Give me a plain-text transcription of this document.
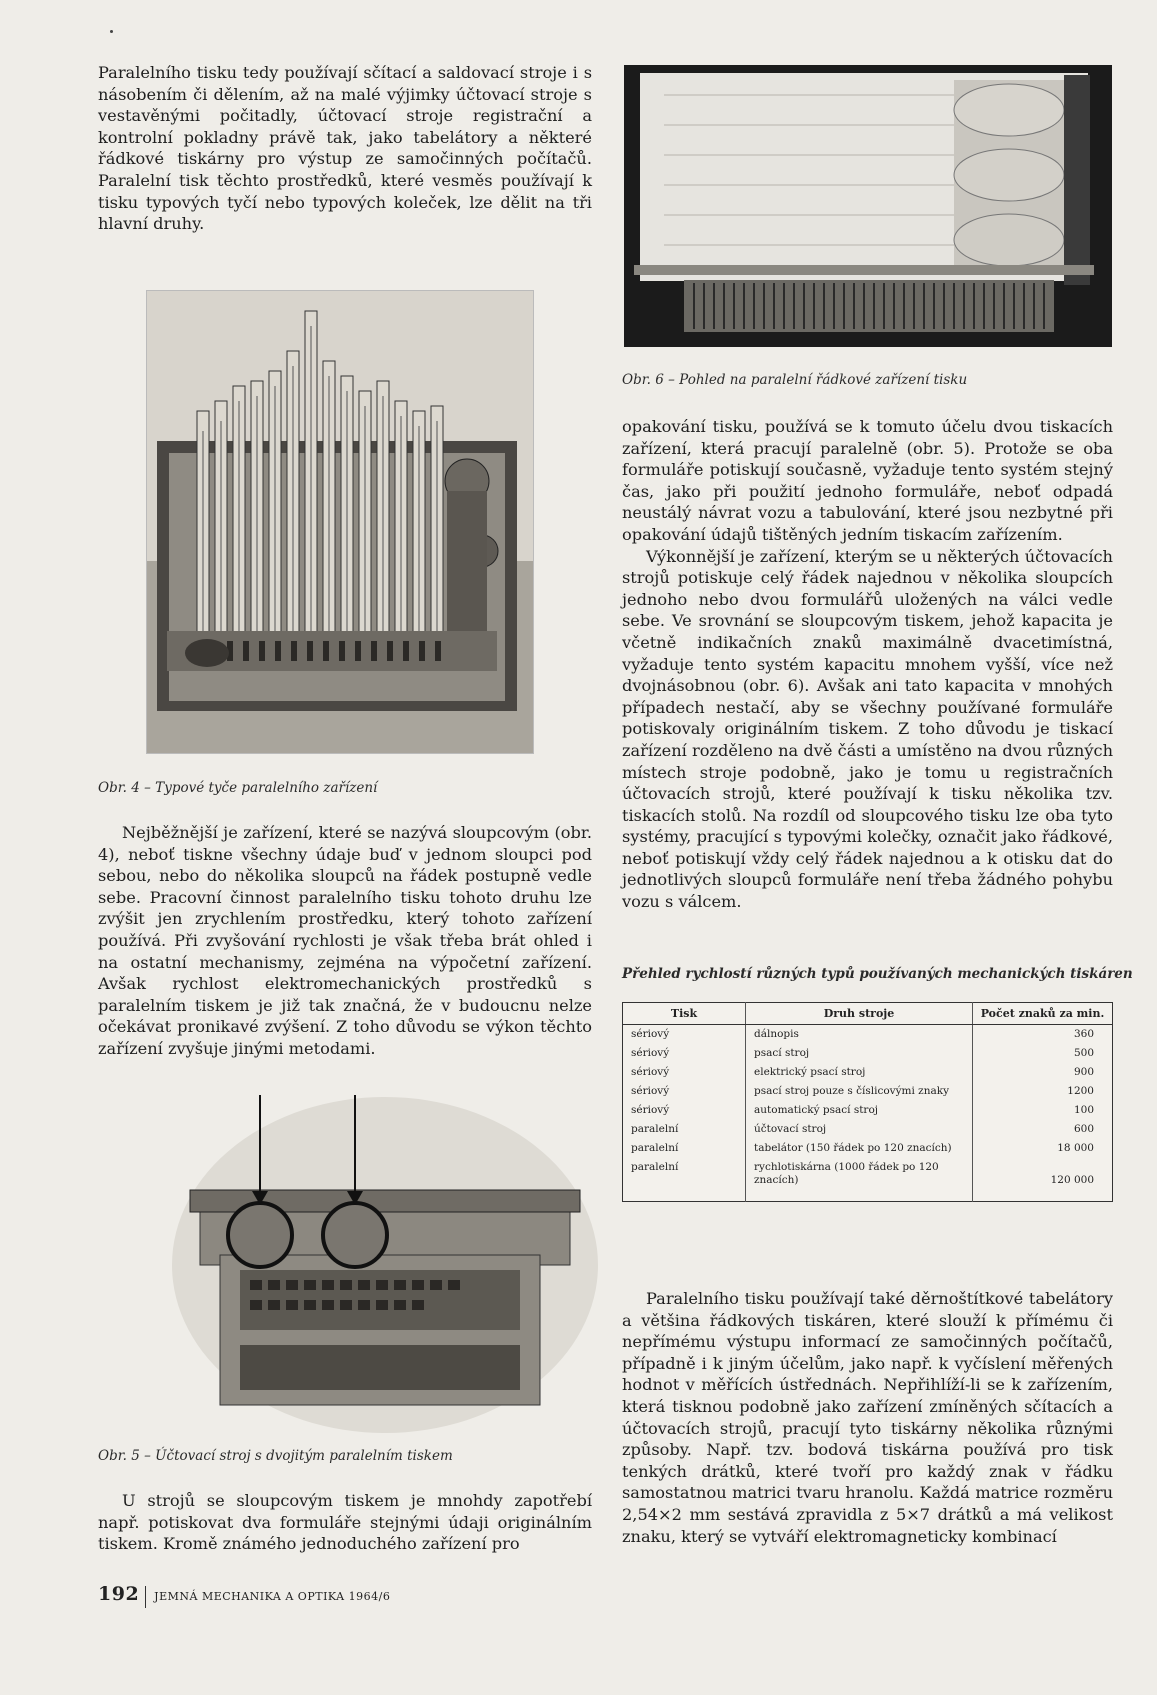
Paralelního tisku tedy používají sčítací a saldovací stroje i s násobením či dělením, až na malé výjimky účtovací stroje s vestavěnými počitadly, účtovací stroje registrační a kontrolní pokladny právě tak, jako tabelátory a některé řádkové tiskárny pro výstup ze samočinných počítačů. Paralelní tisk těchto prostředků, které vesměs používají k tisku typových tyčí nebo typových koleček, lze dělit na tři hlavní druhy.

Obr. 4 – Typové tyče paralelního zařízení

Nejběžnější je zařízení, které se nazývá sloupcovým (obr. 4), neboť tiskne všechny údaje buď v jednom sloupci pod sebou, nebo do několika sloupců na řádek postupně vedle sebe. Pracovní činnost paralelního tisku tohoto druhu lze zvýšit jen zrychlením prostředku, který tohoto zařízení používá. Při zvyšování rychlosti je však třeba brát ohled i na ostatní mechanismy, zejména na výpočetní zařízení. Avšak rychlost elektromechanických prostředků s paralelním tiskem je již tak značná, že v budoucnu nelze očekávat pronikavé zvýšení. Z toho důvodu se výkon těchto zařízení zvyšuje jinými metodami.

Obr. 5 – Účtovací stroj s dvojitým paralelním tiskem

U strojů se sloupcovým tiskem je mnohdy zapotřebí např. potiskovat dva formuláře stejnými údaji originálním tiskem. Kromě známého jednoduchého zařízení pro

Obr. 6 – Pohled na paralelní řádkové zařízení tisku

opakování tisku, používá se k tomuto účelu dvou tiskacích zařízení, která pracují paralelně (obr. 5). Protože se oba formuláře potiskují současně, vyžaduje tento systém stejný čas, jako při použití jednoho formuláře, neboť odpadá neustálý návrat vozu a tabulování, které jsou nezbytné při opakování údajů tištěných jedním tiskacím zařízením.

Výkonnější je zařízení, kterým se u některých účtovacích strojů potiskuje celý řádek najednou v několika sloupcích jednoho nebo dvou formulářů uložených na válci vedle sebe. Ve srovnání se sloupcovým tiskem, jehož kapacita je včetně indikačních znaků maximálně dvacetimístná, vyžaduje tento systém kapacitu mnohem vyšší, více než dvojnásobnou (obr. 6). Avšak ani tato kapacita v mnohých případech nestačí, aby se všechny používané formuláře potiskovaly originálním tiskem. Z toho důvodu je tiskací zařízení rozděleno na dvě části a umístěno na dvou různých místech stroje podobně, jako je tomu u registračních účtovacích strojů, které používají k tisku několika tzv. tiskacích stolů. Na rozdíl od sloupcového tisku lze oba tyto systémy, pracující s typovými kolečky, označit jako řádkové, neboť potiskují vždy celý řádek najednou a k otisku dat do jednotlivých sloupců formuláře není třeba žádného pohybu vozu s válcem.

Přehled rychlostí různých typů používaných mechanických tiskáren
Tisk	Druh stroje	Počet znaků za min.
sériový	dálnopis	360
sériový	psací stroj	500
sériový	elektrický psací stroj	900
sériový	psací stroj pouze s číslicovými znaky	1200
sériový	automatický psací stroj	100
paralelní	účtovací stroj	600
paralelní	tabelátor (150 řádek po 120 znacích)	18 000
paralelní	rychlotiskárna (1000 řádek po 120 znacích)	120 000

Paralelního tisku používají také děrnoštítkové tabelátory a většina řádkových tiskáren, které slouží k přímému či nepřímému výstupu informací ze samočinných počítačů, případně i k jiným účelům, jako např. k vyčíslení měřených hodnot v měřících ústřednách. Nepřihlíží-li se k zařízením, která tisknou podobně jako zařízení zmíněných sčítacích a účtovacích strojů, pracují tyto tiskárny několika různými způsoby. Např. tzv. bodová tiskárna používá pro tisk tenkých drátků, které tvoří pro každý znak v řádku samostatnou matrici tvaru hranolu. Každá matrice rozměru 2,54×2 mm sestává zpravidla z 5×7 drátků a má velikost znaku, který se vytváří elektromagneticky kombinací

192 JEMNÁ MECHANIKA A OPTIKA 1964/6
